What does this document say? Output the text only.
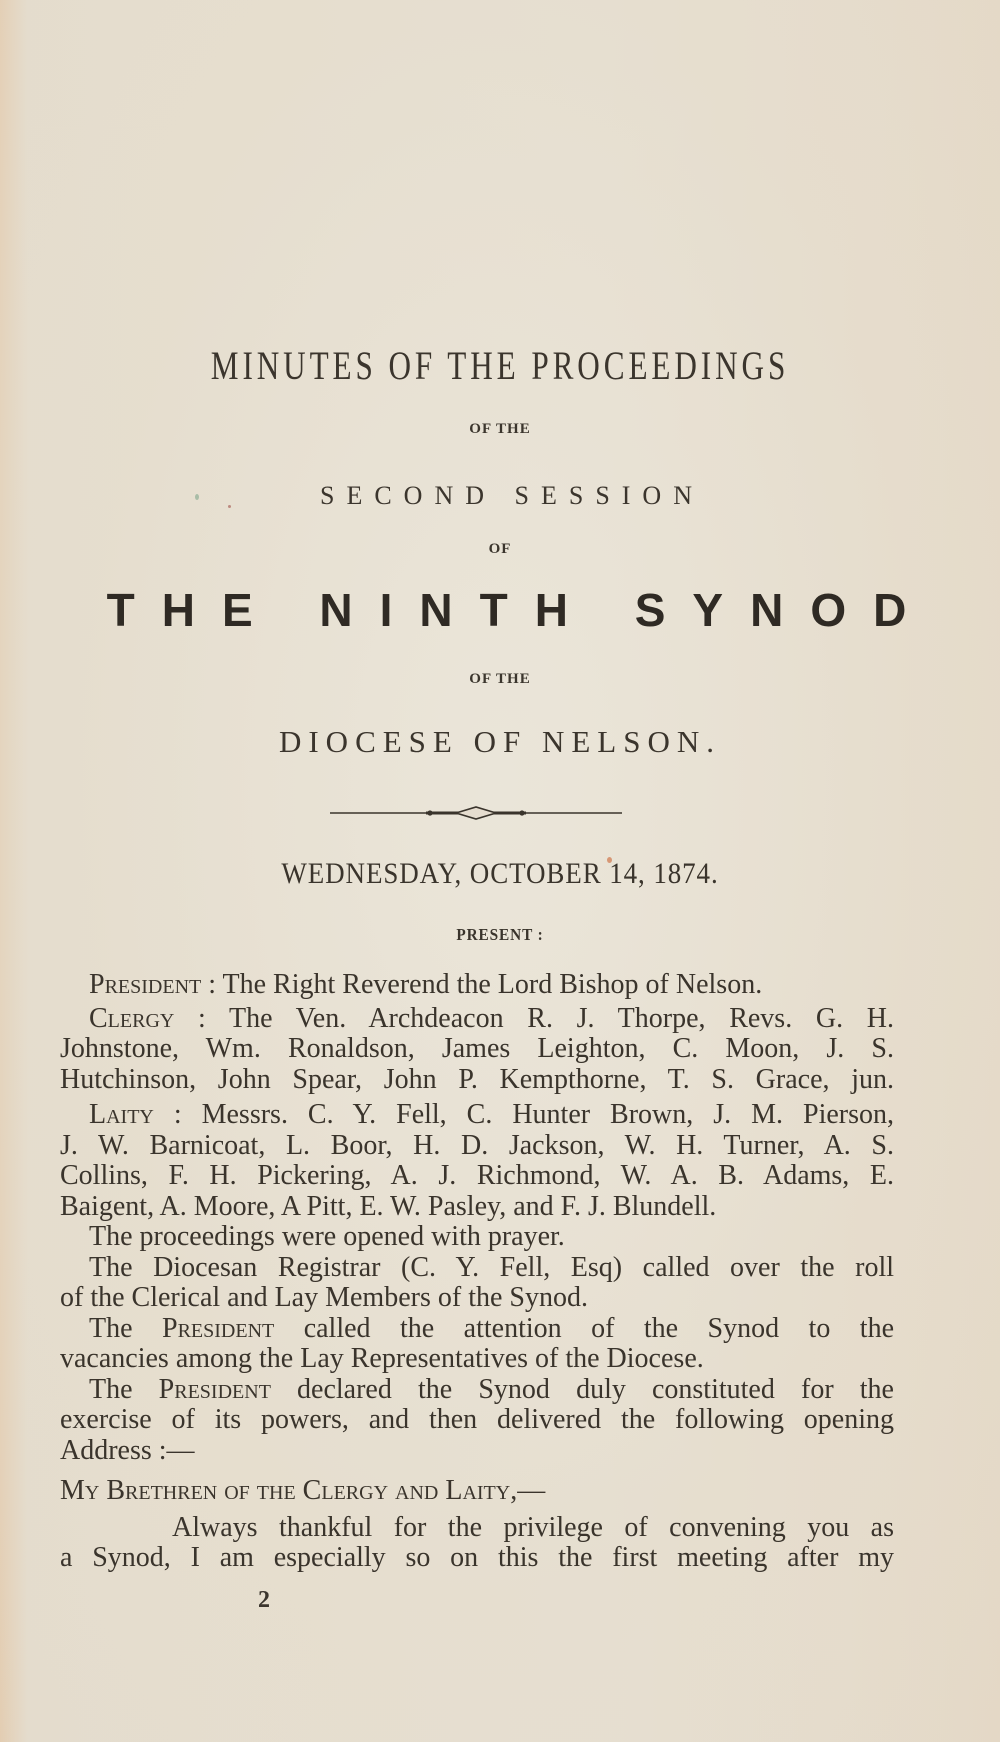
MINUTES OF THE PROCEEDINGS
OF THE
SECOND SESSION
OF
THE NINTH SYNOD
OF THE
DIOCESE OF NELSON.
WEDNESDAY, OCTOBER 14, 1874.
PRESENT :
President : The Right Reverend the Lord Bishop of Nelson.
Clergy : The Ven. Archdeacon R. J. Thorpe, Revs. G. H.
Johnstone, Wm. Ronaldson, James Leighton, C. Moon, J. S.
Hutchinson, John Spear, John P. Kempthorne, T. S. Grace, jun.
Laity : Messrs. C. Y. Fell, C. Hunter Brown, J. M. Pierson,
J. W. Barnicoat, L. Boor, H. D. Jackson, W. H. Turner, A. S.
Collins, F. H. Pickering, A. J. Richmond, W. A. B. Adams, E.
Baigent, A. Moore, A Pitt, E. W. Pasley, and F. J. Blundell.
The proceedings were opened with prayer.
The Diocesan Registrar (C. Y. Fell, Esq) called over the roll
of the Clerical and Lay Members of the Synod.
The President called the attention of the Synod to the
vacancies among the Lay Representatives of the Diocese.
The President declared the Synod duly constituted for the
exercise of its powers, and then delivered the following opening
Address :—
My Brethren of the Clergy and Laity,—
Always thankful for the privilege of convening you as
a Synod, I am especially so on this the first meeting after my
2
